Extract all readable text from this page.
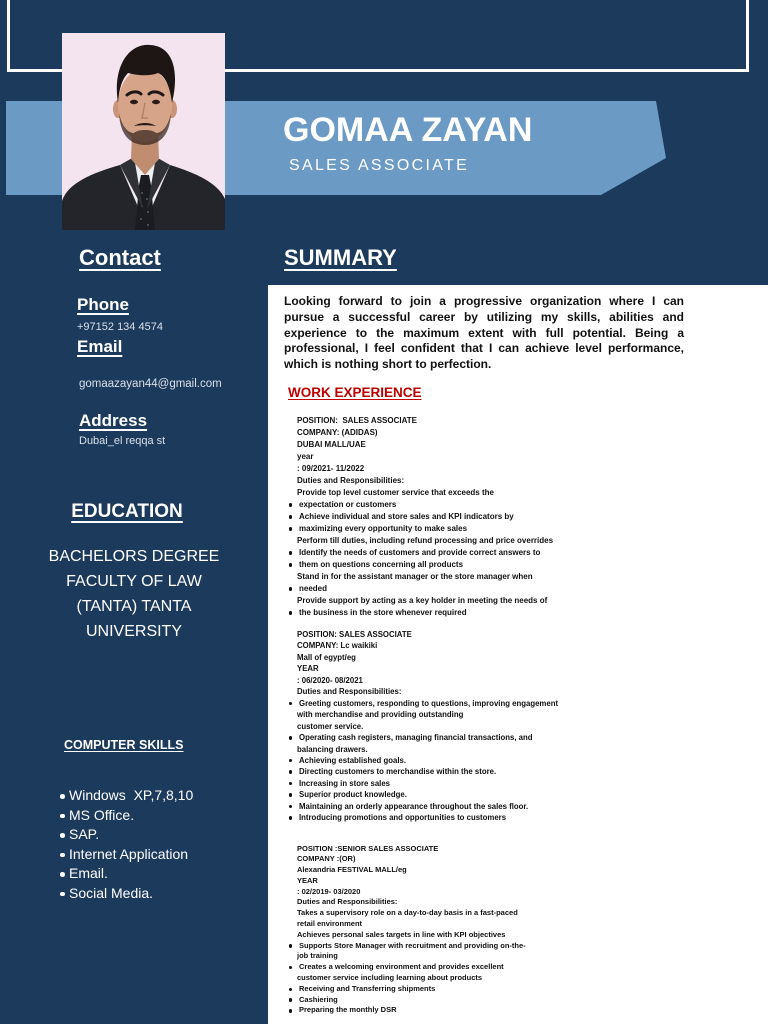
GOMAA ZAYAN
SALES ASSOCIATE
Contact
Phone
+97152 134 4574
Email
gomaazayan44@gmail.com
Address
Dubai_el reqqa st
EDUCATION
BACHELORS DEGREE
FACULTY OF LAW
(TANTA) TANTA
UNIVERSITY
COMPUTER SKILLS
Windows  XP,7,8,10
MS Office.
SAP.
Internet Application
Email.
Social Media.
SUMMARY
Looking forward to join a progressive organization where I can
pursue a successful career by utilizing my skills, abilities and
experience to the maximum extent with full potential. Being a
professional, I feel confident that I can achieve level performance,
which is nothing short to perfection.
WORK EXPERIENCE
POSITION:  SALES ASSOCIATE
COMPANY: (ADIDAS)
DUBAI MALL/UAE
year
: 09/2021- 11/2022
Duties and Responsibilities:
Provide top level customer service that exceeds the
expectation or customers
Achieve individual and store sales and KPI indicators by
maximizing every opportunity to make sales
Perform till duties, including refund processing and price overrides
Identify the needs of customers and provide correct answers to
them on questions concerning all products
Stand in for the assistant manager or the store manager when
needed
Provide support by acting as a key holder in meeting the needs of
the business in the store whenever required
POSITION: SALES ASSOCIATE
COMPANY: Lc waikiki
Mall of egypt/eg
YEAR
: 06/2020- 08/2021
Duties and Responsibilities:
Greeting customers, responding to questions, improving engagement
with merchandise and providing outstanding
customer service.
Operating cash registers, managing financial transactions, and
balancing drawers.
Achieving established goals.
Directing customers to merchandise within the store.
Increasing in store sales
Superior product knowledge.
Maintaining an orderly appearance throughout the sales floor.
Introducing promotions and opportunities to customers
POSITION :SENIOR SALES ASSOCIATE
COMPANY :(OR)
Alexandria FESTIVAL MALL/eg
YEAR
: 02/2019- 03/2020
Duties and Responsibilities:
Takes a supervisory role on a day-to-day basis in a fast-paced
retail environment
Achieves personal sales targets in line with KPI objectives
Supports Store Manager with recruitment and providing on-the-
job training
Creates a welcoming environment and provides excellent
customer service including learning about products
Receiving and Transferring shipments
Cashiering
Preparing the monthly DSR
